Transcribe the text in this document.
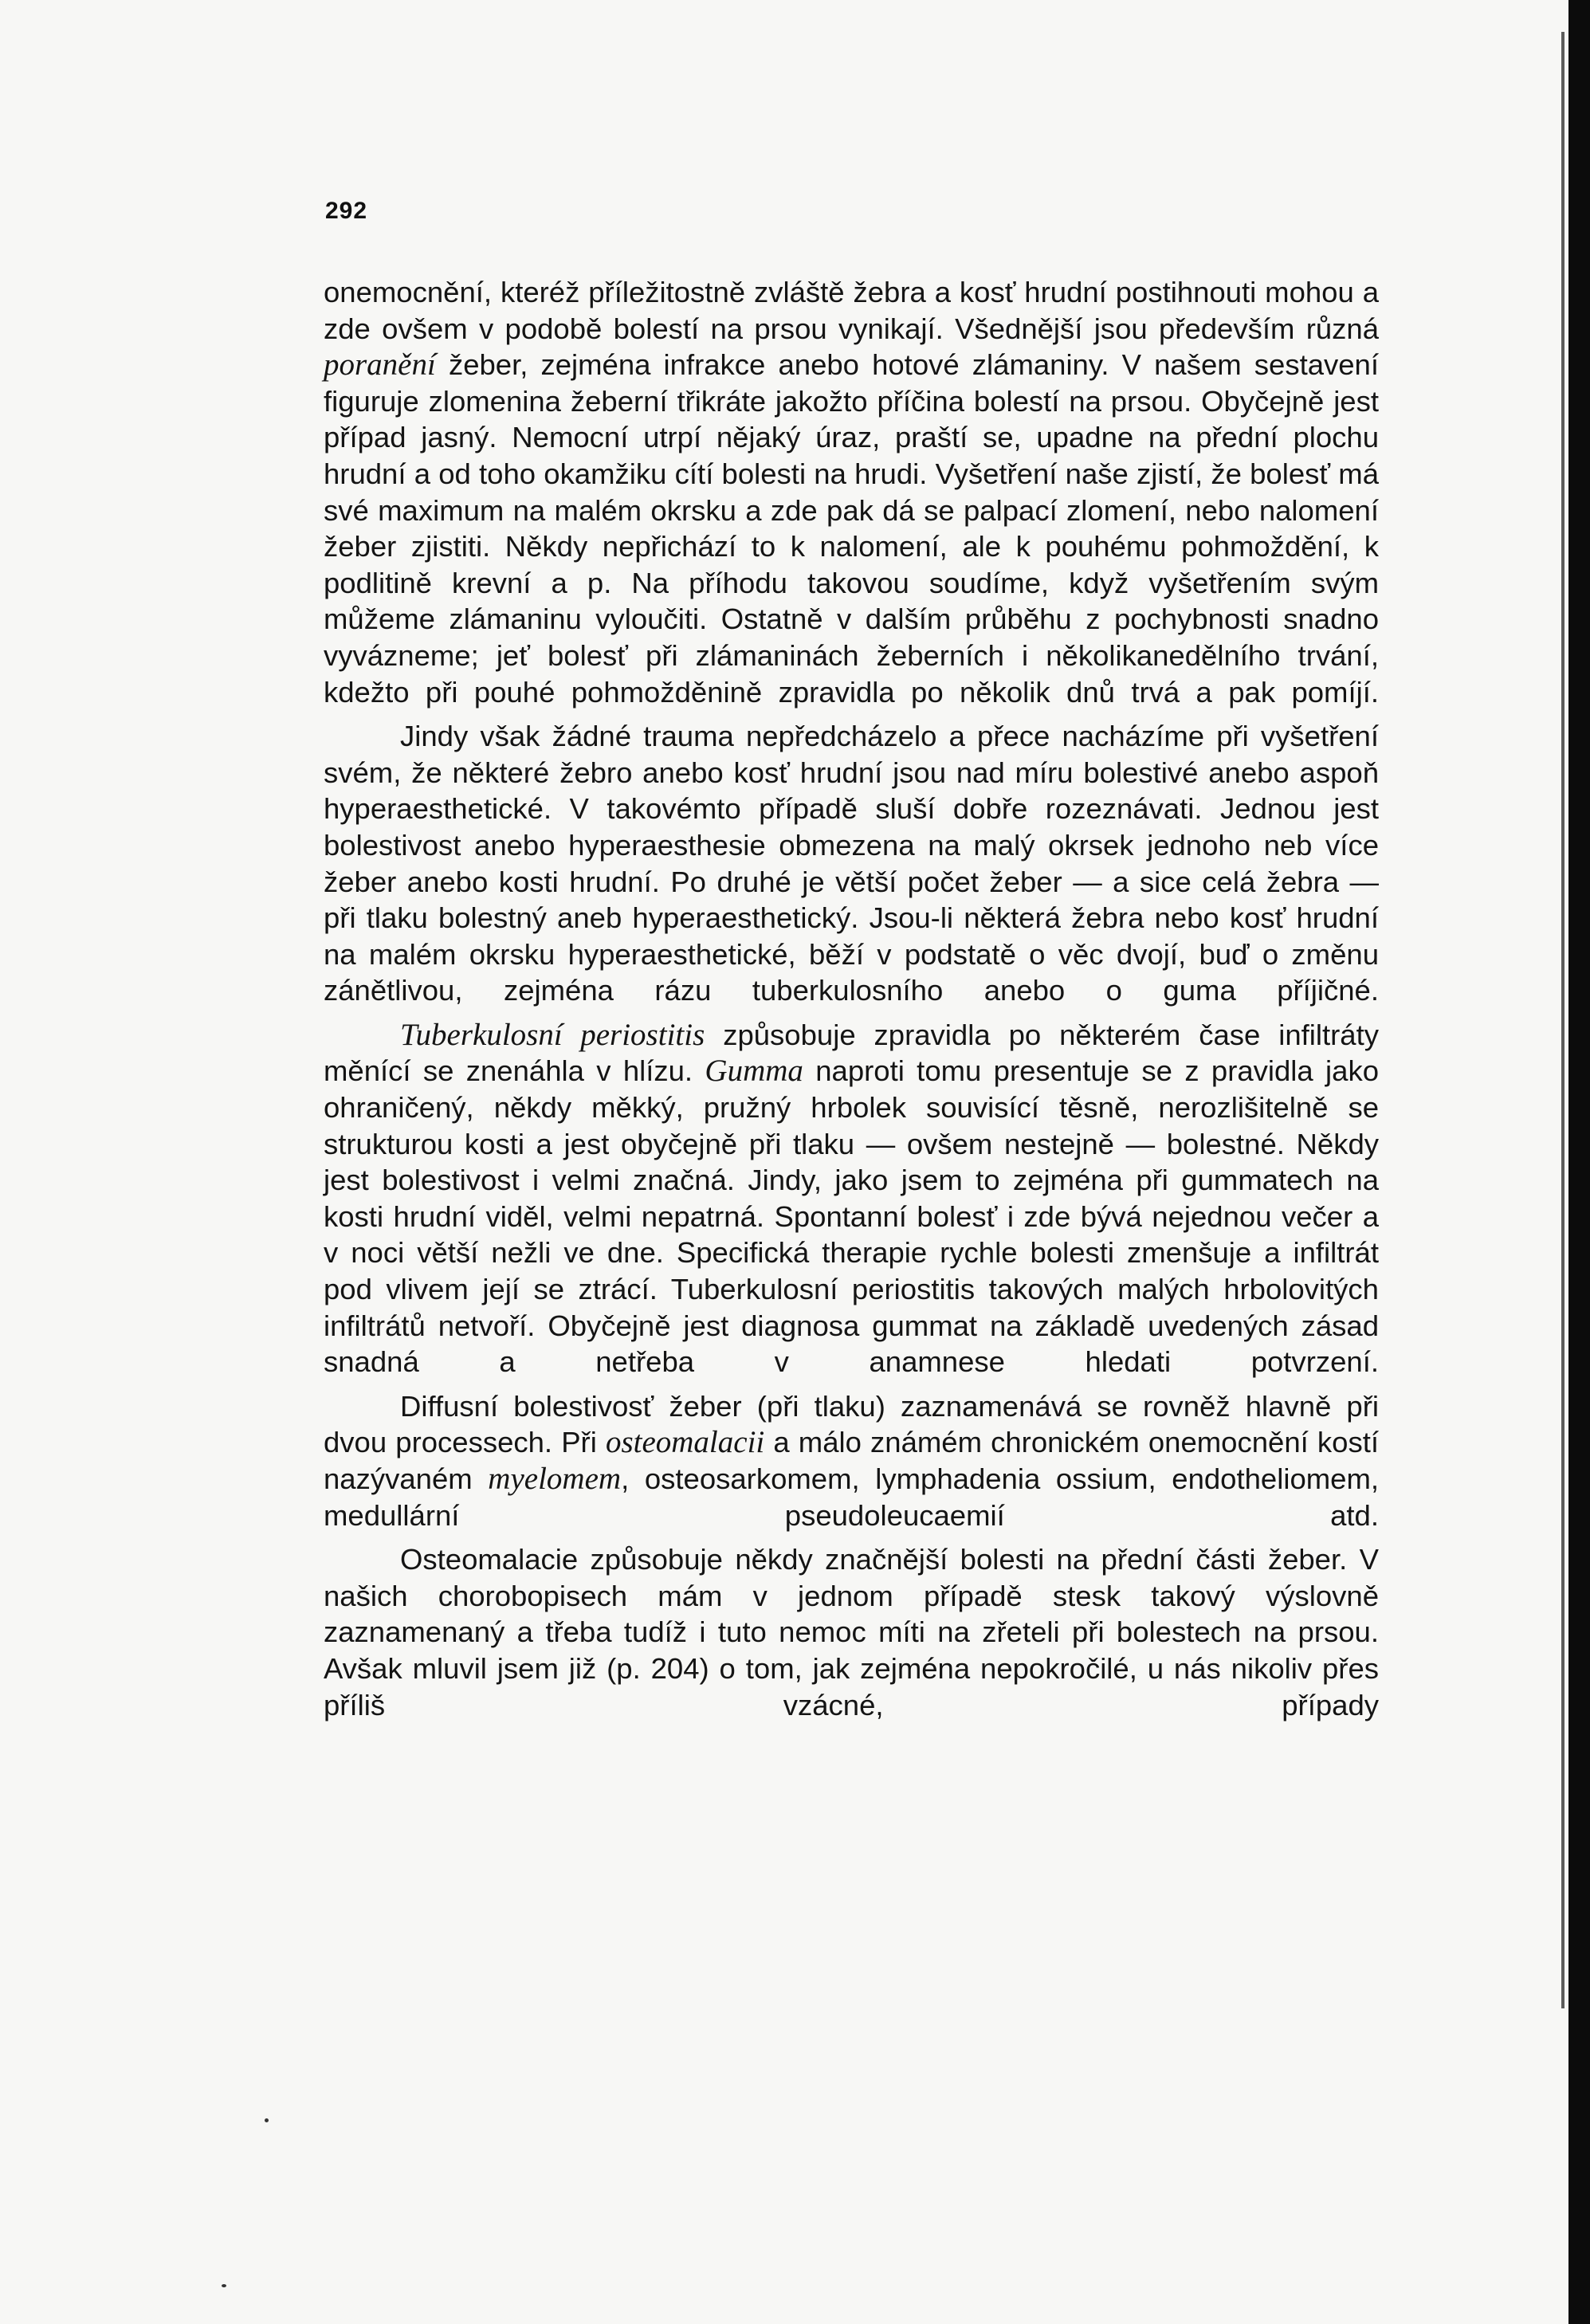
292

onemocnění, kteréž příležitostně zvláště žebra a kosť hrudní postihnouti mohou a zde ovšem v podobě bolestí na prsou vynikají. Všednější jsou především různá poranění žeber, zejména infrakce anebo hotové zlámaniny. V našem sestavení figuruje zlomenina žeberní třikráte jakožto příčina bolestí na prsou. Obyčejně jest případ jasný. Nemocní utrpí nějaký úraz, praští se, upadne na přední plochu hrudní a od toho okamžiku cítí bolesti na hrudi. Vyšetření naše zjistí, že bolesť má své maximum na malém okrsku a zde pak dá se palpací zlomení, nebo nalomení žeber zjistiti. Někdy nepřichází to k nalomení, ale k pouhému pohmoždění, k podlitině krevní a p. Na příhodu takovou soudíme, když vyšetřením svým můžeme zlámaninu vyloučiti. Ostatně v dalším průběhu z pochybnosti snadno vyvázneme; jeť bolesť při zlámaninách žeberních i několikanedělního trvání, kdežto při pouhé pohmožděnině zpravidla po několik dnů trvá a pak pomíjí.

Jindy však žádné trauma nepředcházelo a přece nacházíme při vyšetření svém, že některé žebro anebo kosť hrudní jsou nad míru bolestivé anebo aspoň hyperaesthetické. V takovémto případě sluší dobře rozeznávati. Jednou jest bolestivost anebo hyperaesthesie obmezena na malý okrsek jednoho neb více žeber anebo kosti hrudní. Po druhé je větší počet žeber — a sice celá žebra — při tlaku bolestný aneb hyperaesthetický. Jsou-li některá žebra nebo kosť hrudní na malém okrsku hyperaesthetické, běží v podstatě o věc dvojí, buď o změnu zánětlivou, zejména rázu tuberkulosního anebo o guma příjičné.

Tuberkulosní periostitis způsobuje zpravidla po některém čase infiltráty měnící se znenáhla v hlízu. Gumma naproti tomu presentuje se z pravidla jako ohraničený, někdy měkký, pružný hrbolek souvisící těsně, nerozlišitelně se strukturou kosti a jest obyčejně při tlaku — ovšem nestejně — bolestné. Někdy jest bolestivost i velmi značná. Jindy, jako jsem to zejména při gummatech na kosti hrudní viděl, velmi nepatrná. Spontanní bolesť i zde bývá nejednou večer a v noci větší nežli ve dne. Specifická therapie rychle bolesti zmenšuje a infiltrát pod vlivem její se ztrácí. Tuberkulosní periostitis takových malých hrbolovitých infiltrátů netvoří. Obyčejně jest diagnosa gummat na základě uvedených zásad snadná a netřeba v anamnese hledati potvrzení.

Diffusní bolestivosť žeber (při tlaku) zaznamenává se rovněž hlavně při dvou processech. Při osteomalacii a málo známém chronickém onemocnění kostí nazývaném myelomem, osteosarkomem, lymphadenia ossium, endotheliomem, medullární pseudoleucaemií atd.

Osteomalacie způsobuje někdy značnější bolesti na přední části žeber. V našich chorobopisech mám v jednom případě stesk takový výslovně zaznamenaný a třeba tudíž i tuto nemoc míti na zřeteli při bolestech na prsou. Avšak mluvil jsem již (p. 204) o tom, jak zejména nepokročilé, u nás nikoliv přes příliš vzácné, případy
